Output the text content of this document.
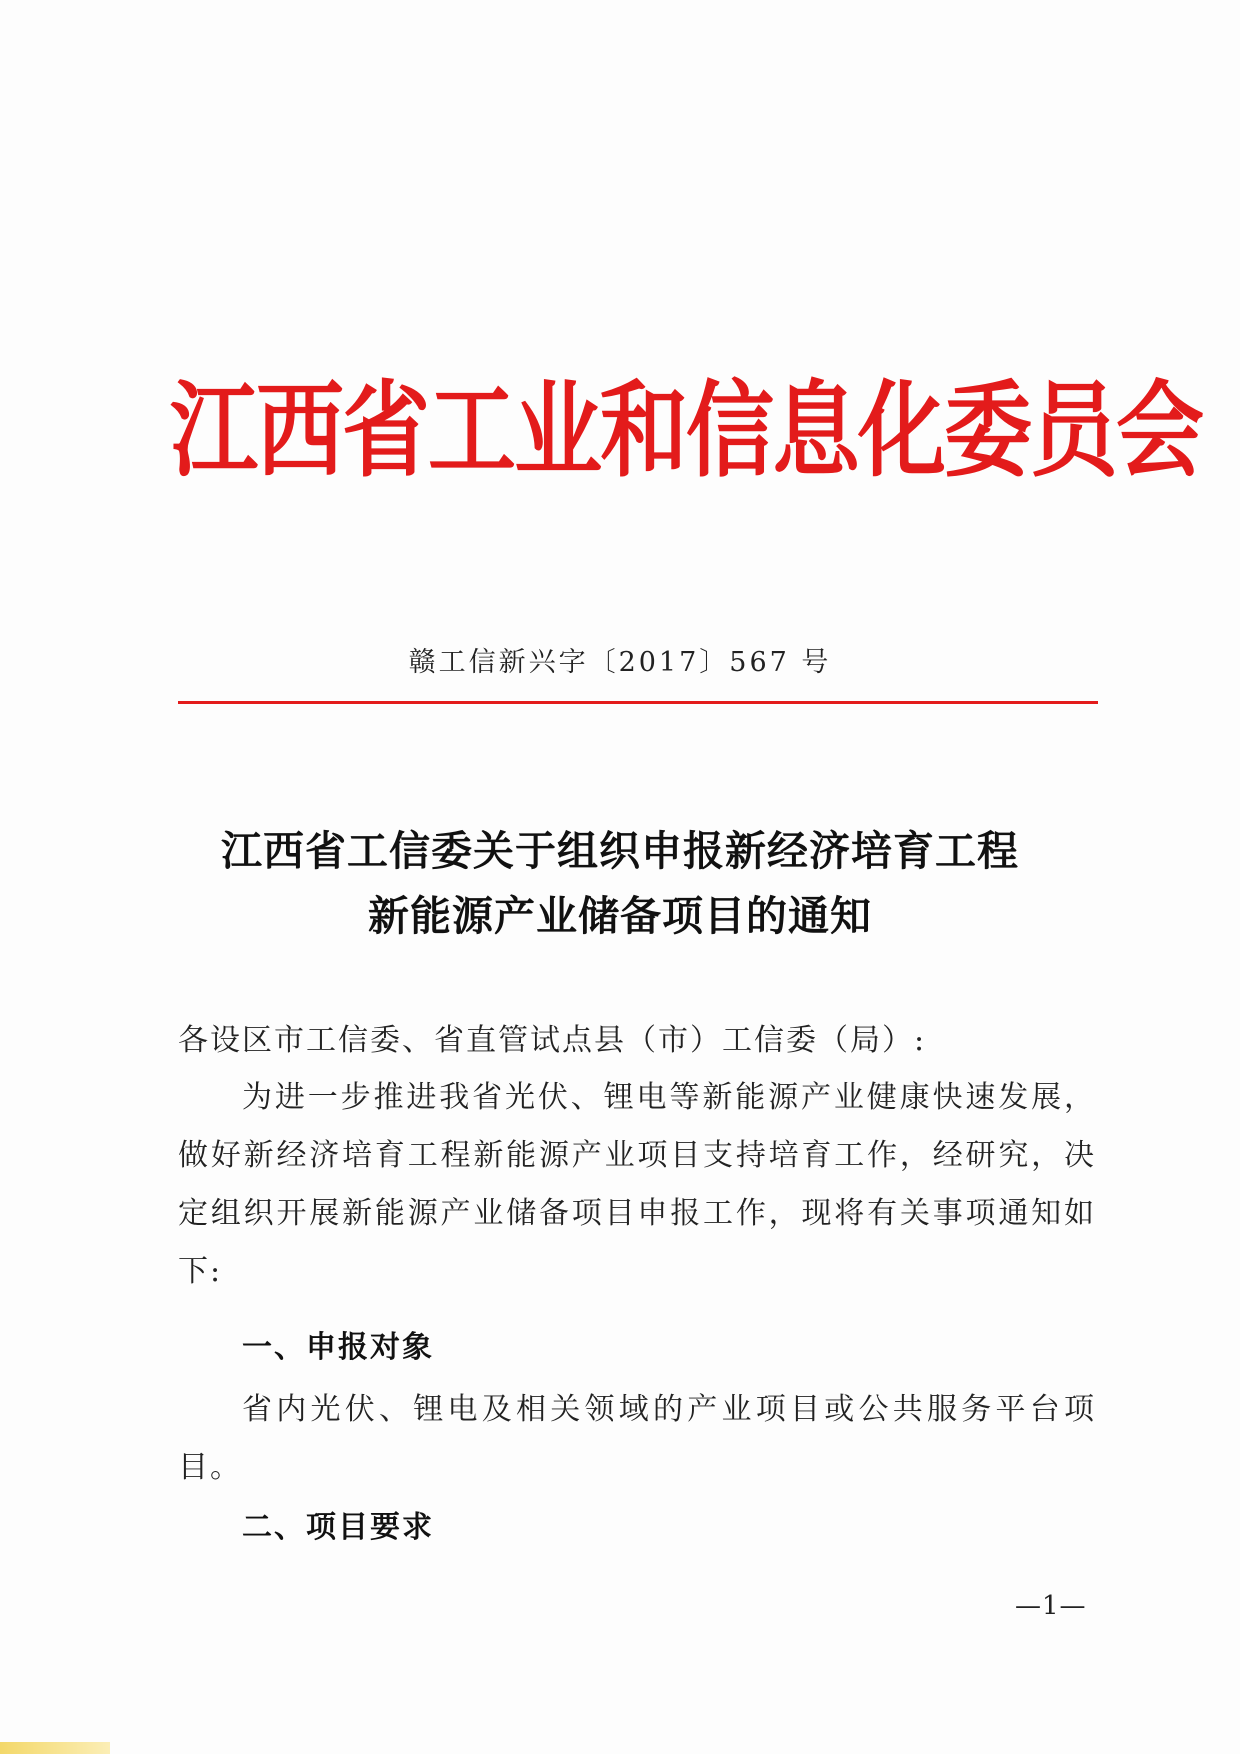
江西省工业和信息化委员会
赣工信新兴字〔2017〕567 号
江西省工信委关于组织申报新经济培育工程
新能源产业储备项目的通知
各设区市工信委、省直管试点县（市）工信委（局）:
为进一步推进我省光伏、锂电等新能源产业健康快速发展，做好新经济培育工程新能源产业项目支持培育工作，经研究，决定组织开展新能源产业储备项目申报工作，现将有关事项通知如下:
一、申报对象
省内光伏、锂电及相关领域的产业项目或公共服务平台项目。
二、项目要求
—1—
